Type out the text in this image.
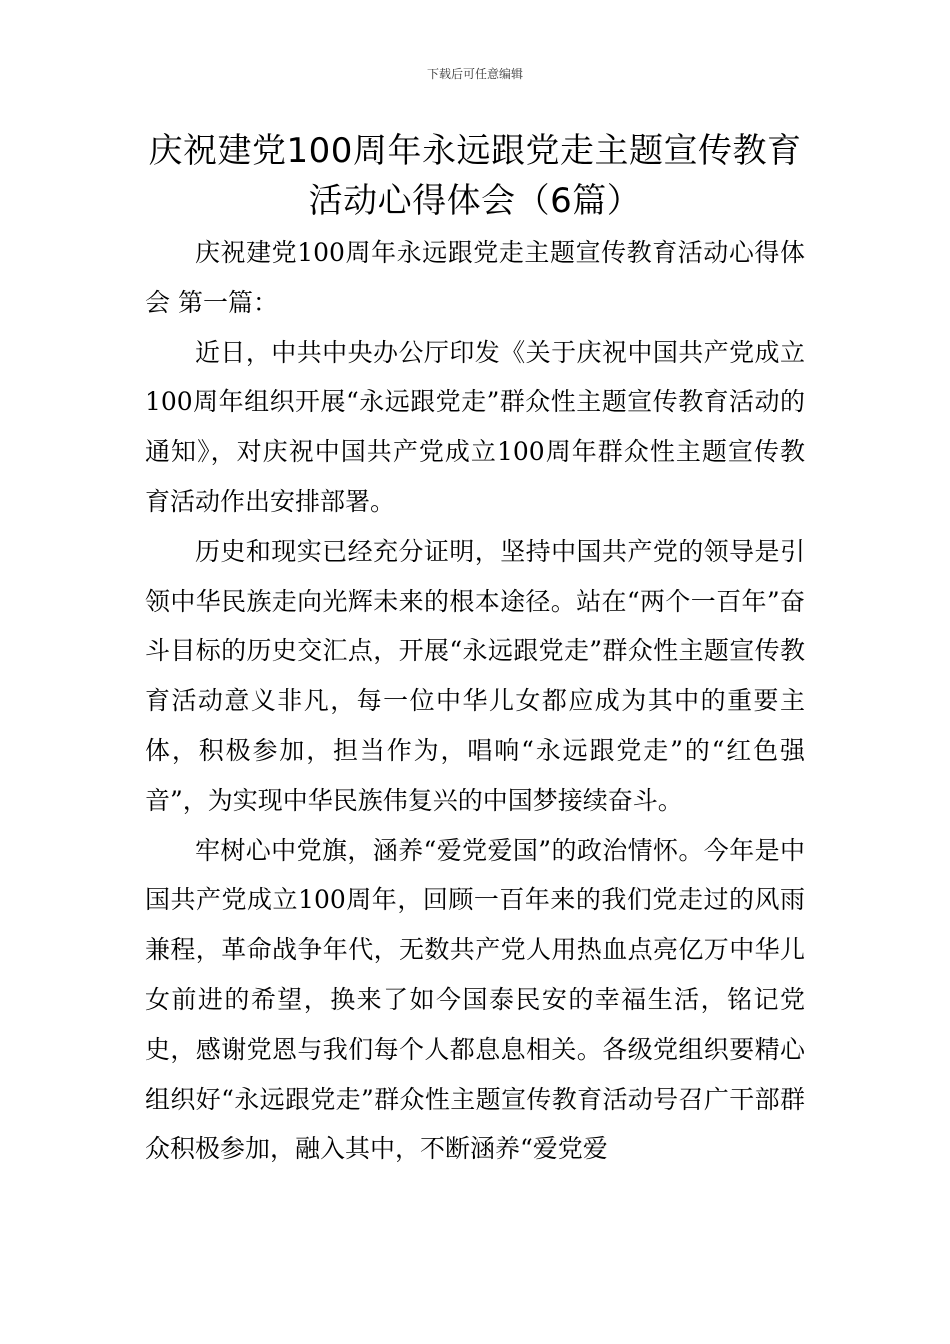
下载后可任意编辑
庆祝建党100周年永远跟党走主题宣传教育活动心得体会（6篇）

庆祝建党100周年永远跟党走主题宣传教育活动心得体会 第一篇：

近日，中共中央办公厅印发《关于庆祝中国共产党成立100周年组织开展“永远跟党走”群众性主题宣传教育活动的通知》，对庆祝中国共产党成立100周年群众性主题宣传教育活动作出安排部署。

历史和现实已经充分证明，坚持中国共产党的领导是引领中华民族走向光辉未来的根本途径。站在“两个一百年”奋斗目标的历史交汇点，开展“永远跟党走”群众性主题宣传教育活动意义非凡，每一位中华儿女都应成为其中的重要主体，积极参加，担当作为，唱响“永远跟党走”的“红色强音”，为实现中华民族伟复兴的中国梦接续奋斗。

牢树心中党旗，涵养“爱党爱国”的政治情怀。今年是中国共产党成立100周年，回顾一百年来的我们党走过的风雨兼程，革命战争年代，无数共产党人用热血点亮亿万中华儿女前进的希望，换来了如今国泰民安的幸福生活，铭记党史，感谢党恩与我们每个人都息息相关。各级党组织要精心组织好“永远跟党走”群众性主题宣传教育活动号召广干部群众积极参加，融入其中，不断涵养“爱党爱
